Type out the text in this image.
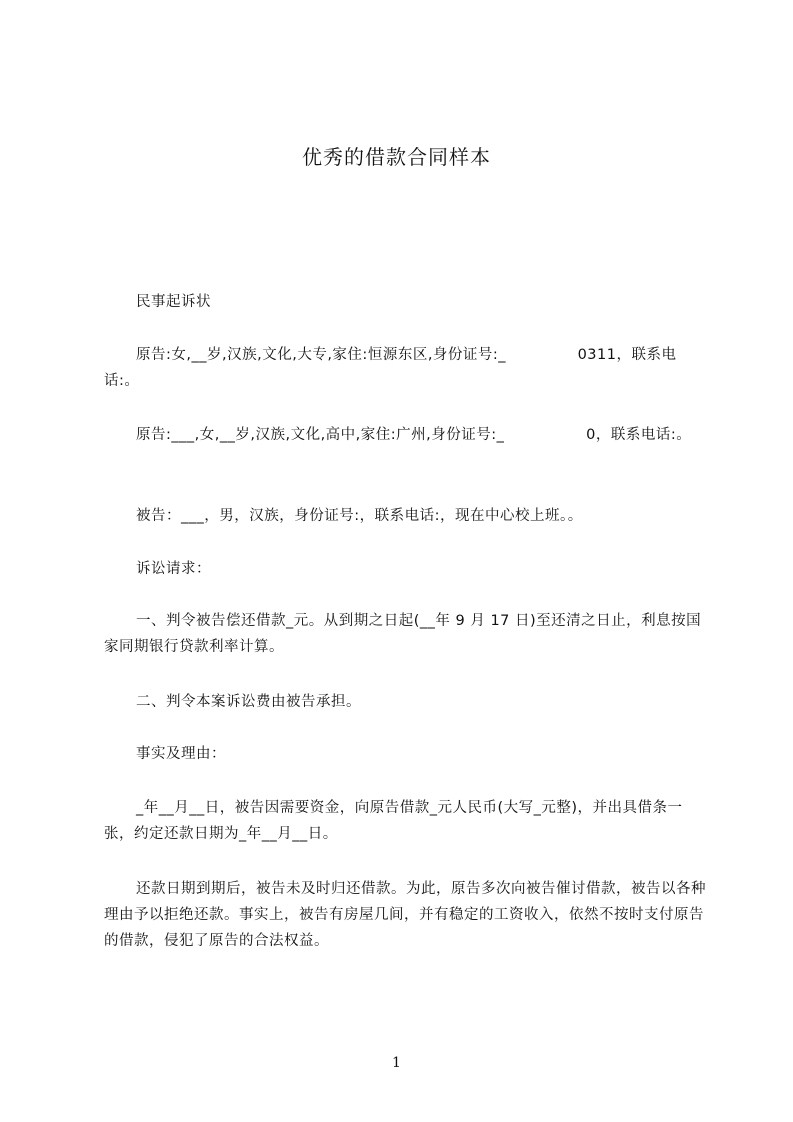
优秀的借款合同样本
民事起诉状
原告:女,__岁,汉族,文化,大专,家住:恒源东区,身份证号:_              0311，联系电话:。
原告:___,女,__岁,汉族,文化,高中,家住:广州,身份证号:_                0，联系电话:。
被告：___，男，汉族，身份证号:，联系电话:，现在中心校上班。。
诉讼请求：
一、判令被告偿还借款_元。从到期之日起(__年 9 月 17 日)至还清之日止，利息按国家同期银行贷款利率计算。
二、判令本案诉讼费由被告承担。
事实及理由：
_年__月__日，被告因需要资金，向原告借款_元人民币(大写_元整)，并出具借条一张，约定还款日期为_年__月__日。
还款日期到期后，被告未及时归还借款。为此，原告多次向被告催讨借款，被告以各种理由予以拒绝还款。事实上，被告有房屋几间，并有稳定的工资收入，依然不按时支付原告的借款，侵犯了原告的合法权益。
1
